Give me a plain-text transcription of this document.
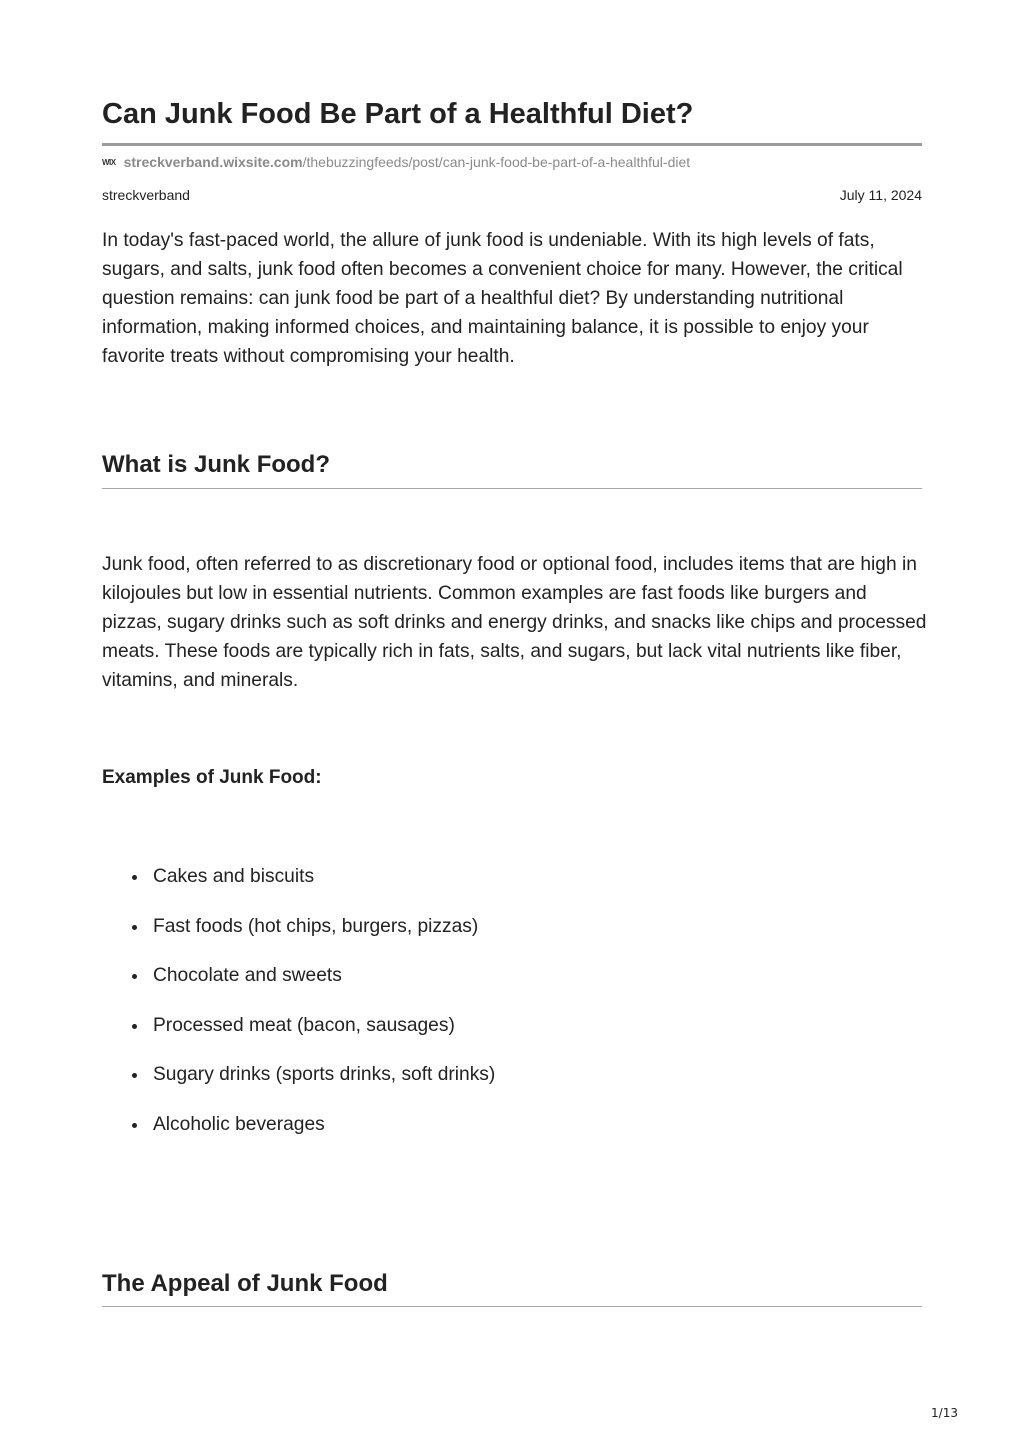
Can Junk Food Be Part of a Healthful Diet?
WIX streckverband.wixsite.com/thebuzzingfeeds/post/can-junk-food-be-part-of-a-healthful-diet
streckverband	July 11, 2024

In today's fast-paced world, the allure of junk food is undeniable. With its high levels of fats, sugars, and salts, junk food often becomes a convenient choice for many. However, the critical question remains: can junk food be part of a healthful diet? By understanding nutritional information, making informed choices, and maintaining balance, it is possible to enjoy your favorite treats without compromising your health.

What is Junk Food?

Junk food, often referred to as discretionary food or optional food, includes items that are high in kilojoules but low in essential nutrients. Common examples are fast foods like burgers and pizzas, sugary drinks such as soft drinks and energy drinks, and snacks like chips and processed meats. These foods are typically rich in fats, salts, and sugars, but lack vital nutrients like fiber, vitamins, and minerals.

Examples of Junk Food:
Cakes and biscuits
Fast foods (hot chips, burgers, pizzas)
Chocolate and sweets
Processed meat (bacon, sausages)
Sugary drinks (sports drinks, soft drinks)
Alcoholic beverages
The Appeal of Junk Food
1/13
